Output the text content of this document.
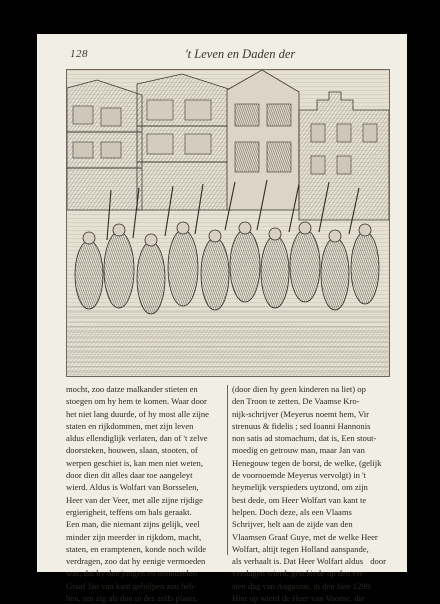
128	't Leven en Daden der
mocht, zoo datze malkander stieten en
stoegen om hy hem te komen. Waar door
het niet lang duurde, of hy most alle zijne
staten en rijkdommen, met zijn leven
aldus ellendiglijk verlaten, dan of 't zelve
doorsteken, houwen, slaan, stooten, of
werpen geschiet is, kan men niet weten,
door dien dit alles daar toe aangeleyt
wierd. Aldus is Wolfart van Borsselen,
Heer van der Veer, met alle zijne rijdige
ergierigheit, teffens om hals geraakt.
Een man, die niemant zijns gelijk, veel
minder zijn meerder in rijkdom, macht,
staten, en eramptenen, konde noch wilde
verdragen, zoo dat hy eenige vermoeden
was, dat hy den jongen en onnoozelen
Graaf Jan van kant geholpen zou heb-
ben, om zig als dan in des zelfs plaats,
(door dien hy geen kinderen na liet) op
den Troon te zetten. De Vaamse Kro-
nijk-schrijver (Meyerus noemt hem, Vir
strenuus & fidelis ; sed Ioanni Hannonis
non satis ad stomachum, dat is, Een stout-
moedig en getrouw man, maar Jan van
Henegouw tegen de borst, de welke, (gelijk
de voornoemde Meyerus vervolgt) in 't
heymelijk verspieders uytzond, om zijn
best dede, om Heer Wolfart van kant te
helpen. Doch deze, als een Vlaams
Schrijver, helt aan de zijde van den
Vlaamsen Graaf Guye, met de welke Heer
Wolfart, altijt tegen Holland aanspande,
als verhaalt is. Dat Heer Wolfart aldus
verslagen wierd, geschiede op den eer-
sten dag van Augustus, in den Jare 1299.
Hier op wierd de Heer van Voorne, die
door
